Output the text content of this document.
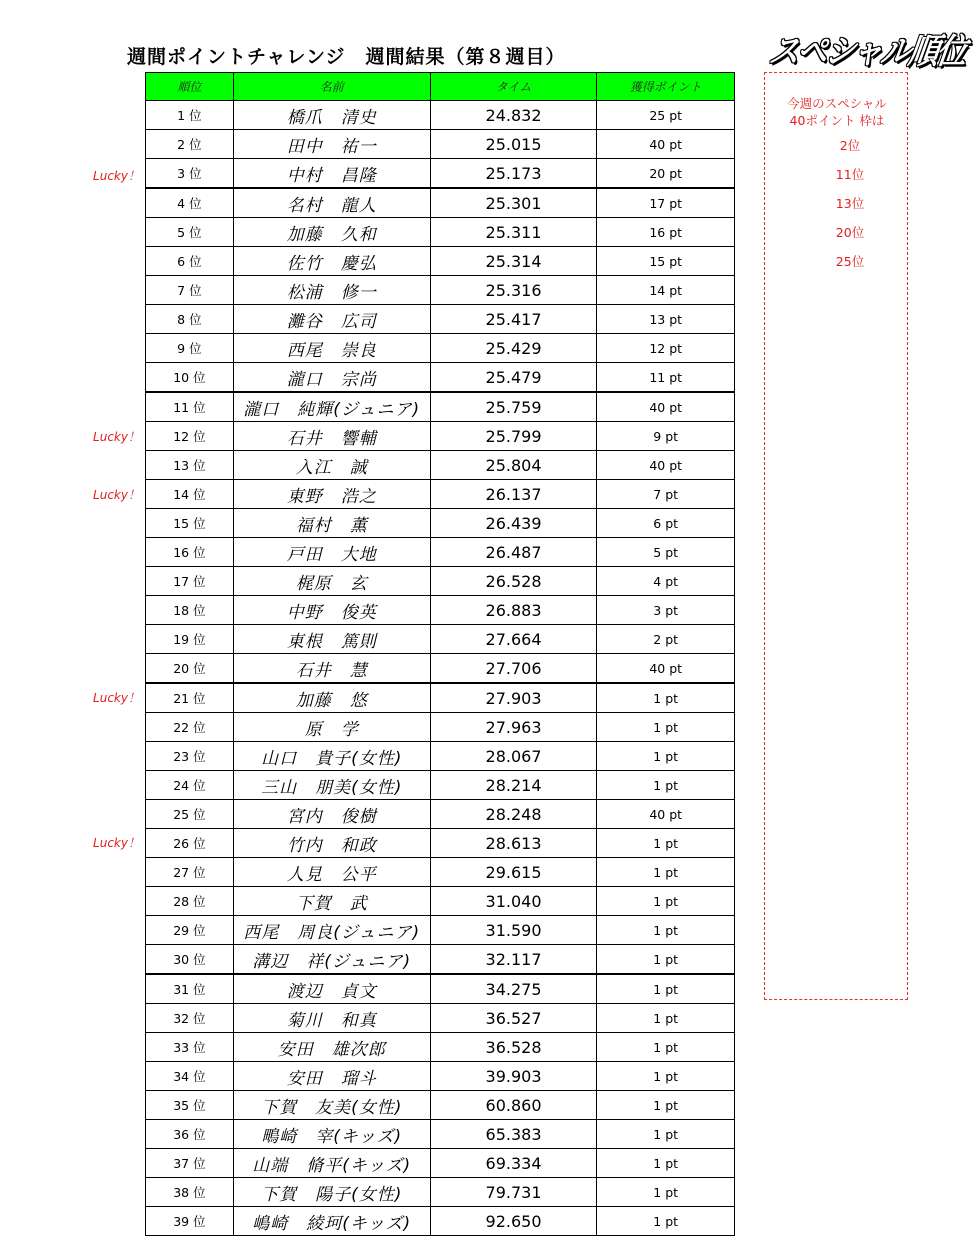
週間ポイントチャレンジ　週間結果（第８週目）	スペシャル順位
今週のスペシャル
40ポイント 枠は
2位
11位
13位
20位
25位
Lucky！
Lucky！
Lucky！
Lucky！
Lucky！
順位	名前	タイム	獲得ポイント
1 位	橋爪　清史	24.832	25 pt
2 位	田中　祐一	25.015	40 pt
3 位	中村　昌隆	25.173	20 pt
4 位	名村　龍人	25.301	17 pt
5 位	加藤　久和	25.311	16 pt
6 位	佐竹　慶弘	25.314	15 pt
7 位	松浦　修一	25.316	14 pt
8 位	灘谷　広司	25.417	13 pt
9 位	西尾　崇良	25.429	12 pt
10 位	瀧口　宗尚	25.479	11 pt
11 位	瀧口　純輝(ジュニア)	25.759	40 pt
12 位	石井　響輔	25.799	9 pt
13 位	入江　誠	25.804	40 pt
14 位	東野　浩之	26.137	7 pt
15 位	福村　薫	26.439	6 pt
16 位	戸田　大地	26.487	5 pt
17 位	梶原　玄	26.528	4 pt
18 位	中野　俊英	26.883	3 pt
19 位	東根　篤則	27.664	2 pt
20 位	石井　慧	27.706	40 pt
21 位	加藤　悠	27.903	1 pt
22 位	原　学	27.963	1 pt
23 位	山口　貴子(女性)	28.067	1 pt
24 位	三山　朋美(女性)	28.214	1 pt
25 位	宮内　俊樹	28.248	40 pt
26 位	竹内　和政	28.613	1 pt
27 位	人見　公平	29.615	1 pt
28 位	下賀　武	31.040	1 pt
29 位	西尾　周良(ジュニア)	31.590	1 pt
30 位	溝辺　祥(ジュニア)	32.117	1 pt
31 位	渡辺　貞文	34.275	1 pt
32 位	菊川　和真	36.527	1 pt
33 位	安田　雄次郎	36.528	1 pt
34 位	安田　瑠斗	39.903	1 pt
35 位	下賀　友美(女性)	60.860	1 pt
36 位	鴫崎　宰(キッズ)	65.383	1 pt
37 位	山端　脩平(キッズ)	69.334	1 pt
38 位	下賀　陽子(女性)	79.731	1 pt
39 位	嶋崎　綾珂(キッズ)	92.650	1 pt
